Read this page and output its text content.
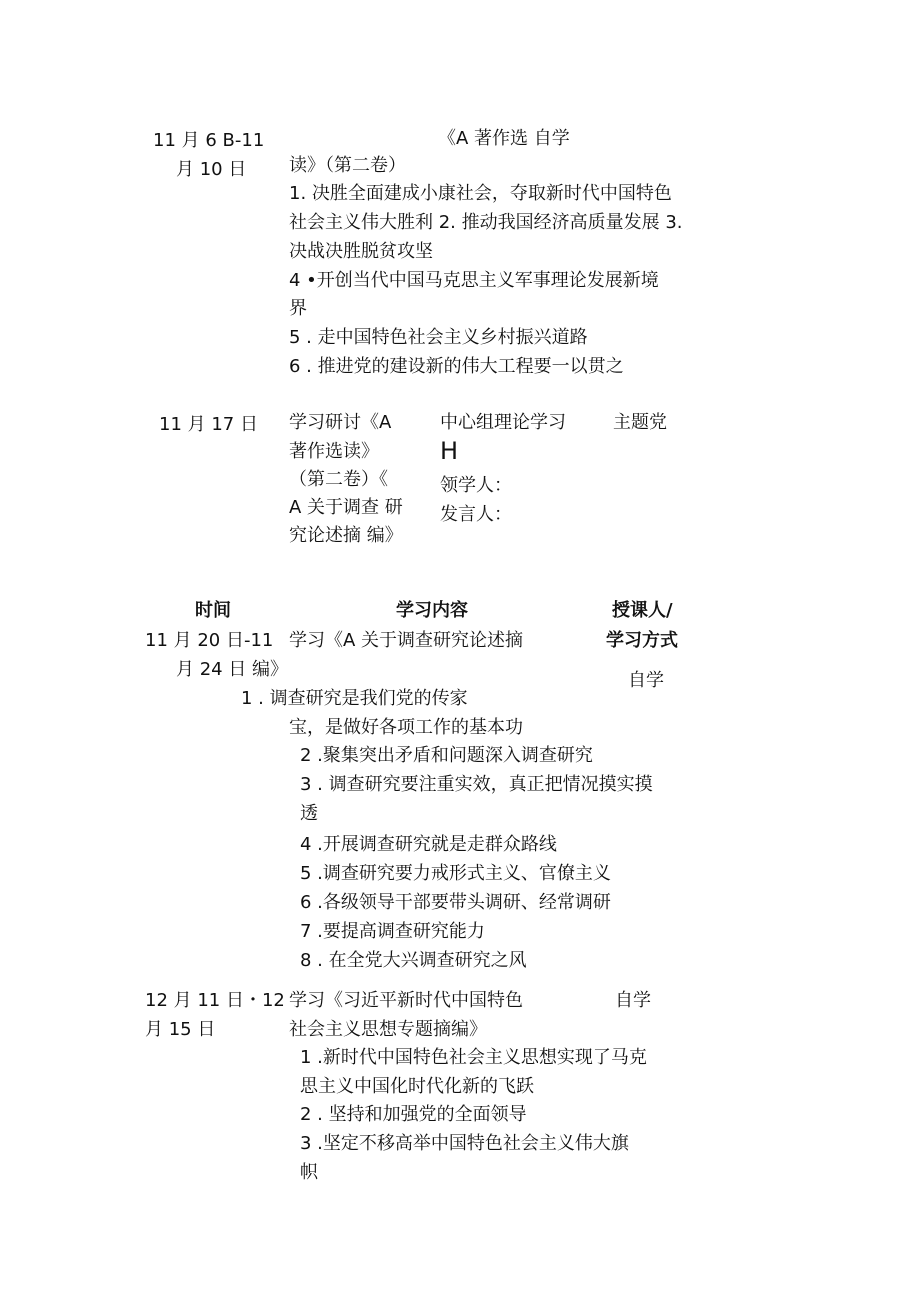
11 月 6 B-11

月 10 日

《A 著作选 自学

读》（第二卷）

1. 决胜全面建成小康社会，夺取新时代中国特色

社会主义伟大胜利 2. 推动我国经济高质量发展 3.

决战决胜脱贫攻坚

4 •开创当代中国马克思主义军事理论发展新境

界

5 . 走中国特色社会主义乡村振兴道路

6 . 推进党的建设新的伟大工程要一以贯之

11 月 17 日 学习研讨《A

著作选读》

（第二卷）《

A 关于调查 研

究论述摘 编》

中心组理论学习

H

领学人：

发言人：

主题党

时间	学习内容	授课人/

学习方式

11 月 20 日-11

月 24 日

学习《A 关于调查研究论述摘

编》

自学

1 . 调查研究是我们党的传家

宝，是做好各项工作的基本功

2 .聚集突出矛盾和问题深入调查研究

3 . 调查研究要注重实效，真正把情况摸实摸

透

4 .开展调查研究就是走群众路线

5 .调查研究要力戒形式主义、官僚主义

6 .各级领导干部要带头调研、经常调研

7 .要提高调查研究能力

8 . 在全党大兴调查研究之风

12 月 11 日・12

月 15 日

学习《习近平新时代中国特色

社会主义思想专题摘编》

自学

1 .新时代中国特色社会主义思想实现了马克

思主义中国化时代化新的飞跃

2 . 坚持和加强党的全面领导

3 .坚定不移高举中国特色社会主义伟大旗

帜
